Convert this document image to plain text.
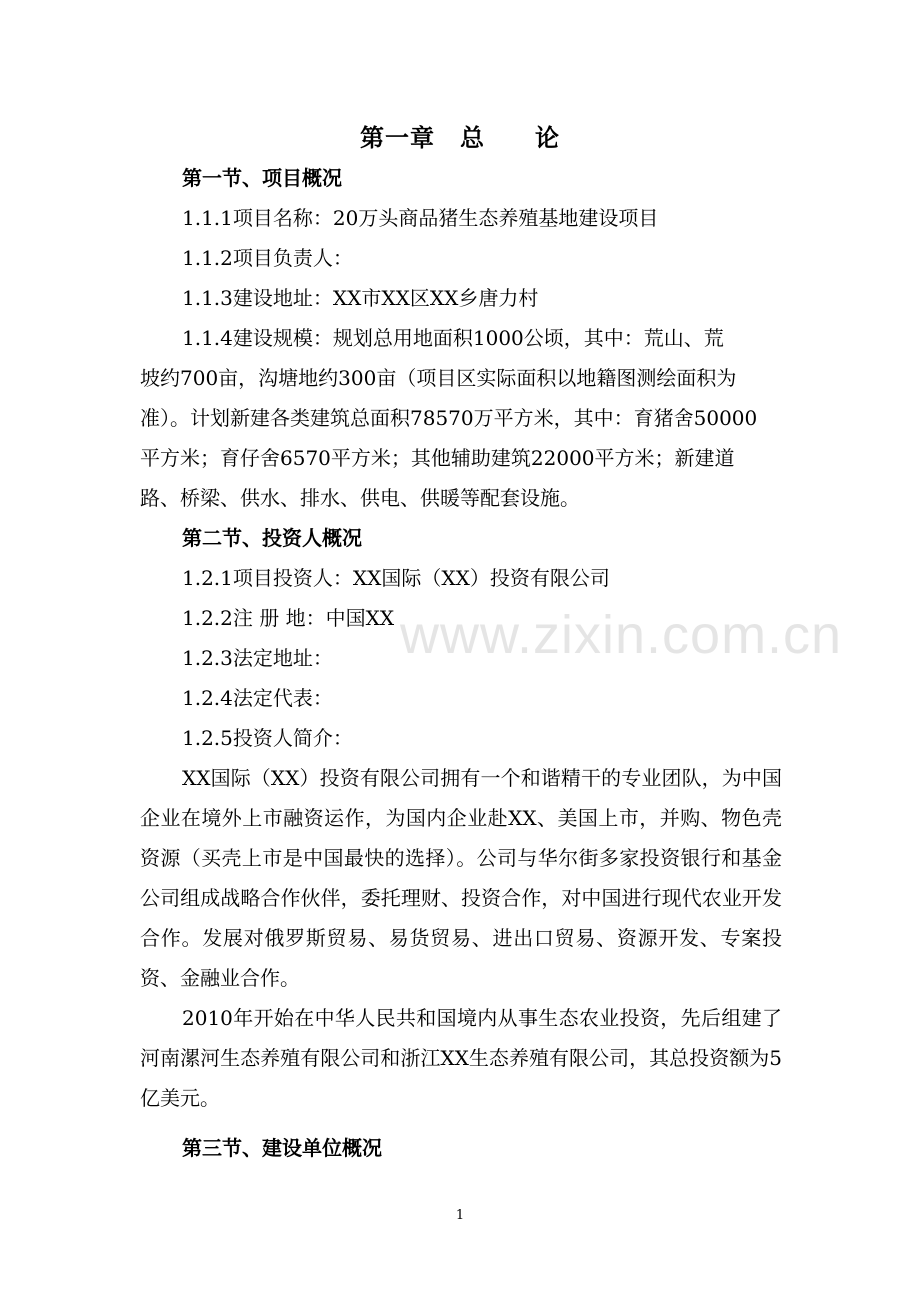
第一章　总　　论
第一节、项目概况
1.1.1项目名称：20万头商品猪生态养殖基地建设项目
1.1.2项目负责人：
1.1.3建设地址：XX市XX区XX乡唐力村
1.1.4建设规模：规划总用地面积1000公顷，其中：荒山、荒
坡约700亩，沟塘地约300亩（项目区实际面积以地籍图测绘面积为
准）。计划新建各类建筑总面积78570万平方米，其中：育猪舍50000
平方米；育仔舍6570平方米；其他辅助建筑22000平方米；新建道
路、桥梁、供水、排水、供电、供暖等配套设施。
第二节、投资人概况
1.2.1项目投资人：XX国际（XX）投资有限公司
1.2.2注 册 地：中国XX
1.2.3法定地址：
1.2.4法定代表：
1.2.5投资人简介：
XX国际（XX）投资有限公司拥有一个和谐精干的专业团队，为中国企业在境外上市融资运作，为国内企业赴XX、美国上市，并购、物色壳资源（买壳上市是中国最快的选择）。公司与华尔街多家投资银行和基金公司组成战略合作伙伴，委托理财、投资合作，对中国进行现代农业开发合作。发展对俄罗斯贸易、易货贸易、进出口贸易、资源开发、专案投资、金融业合作。
2010年开始在中华人民共和国境内从事生态农业投资，先后组建了河南漯河生态养殖有限公司和浙江XX生态养殖有限公司，其总投资额为5亿美元。
第三节、建设单位概况
www.zixin.com.cn
1
